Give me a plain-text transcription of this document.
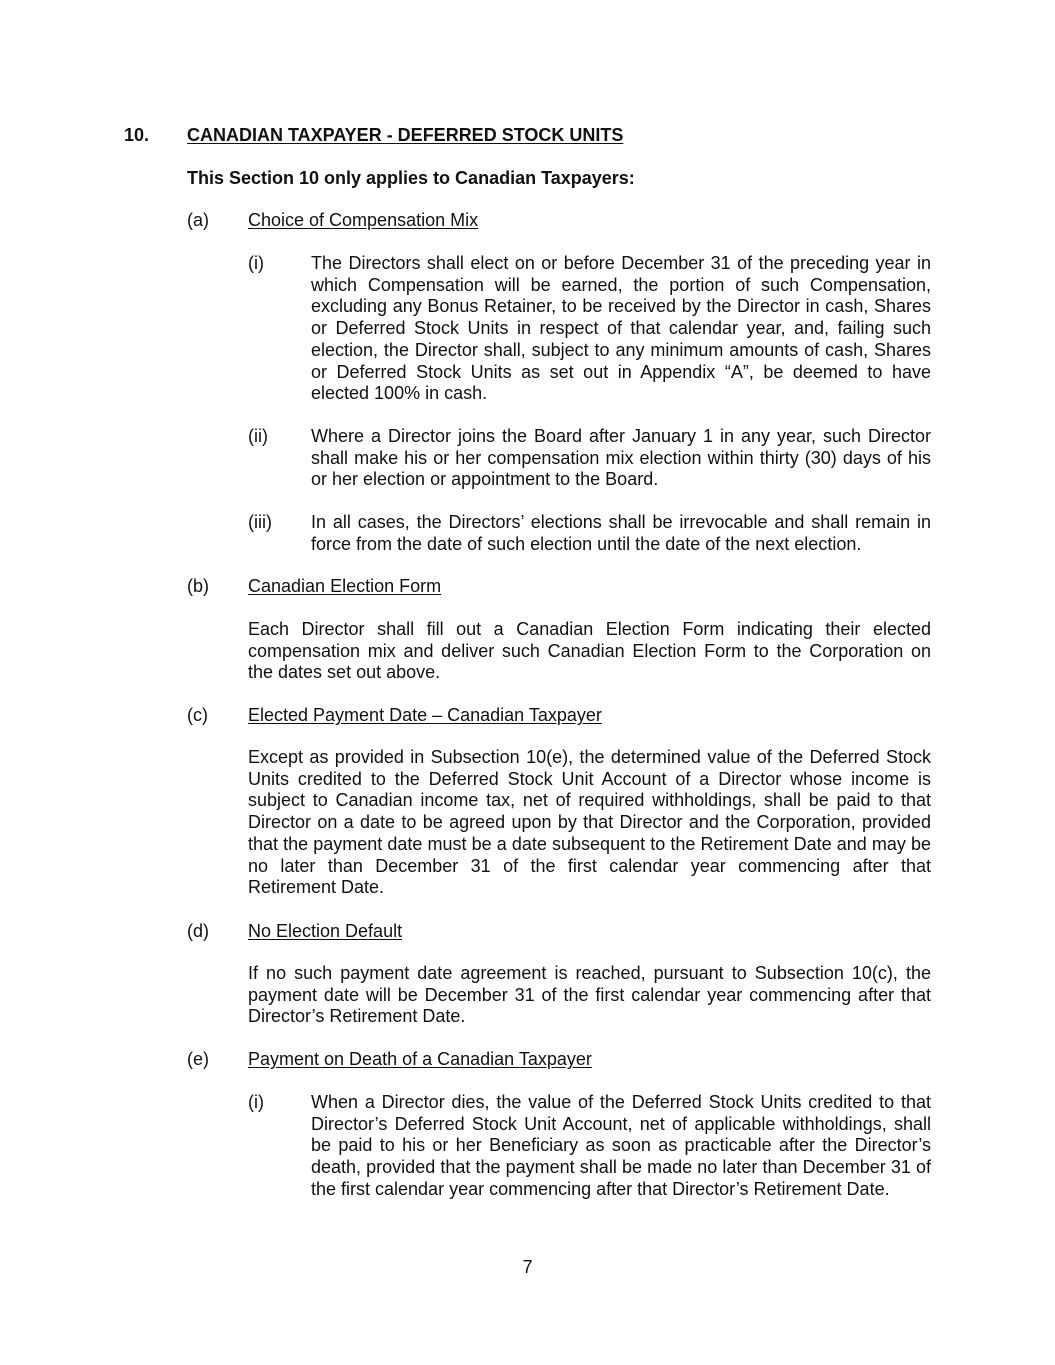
10. CANADIAN TAXPAYER - DEFERRED STOCK UNITS
This Section 10 only applies to Canadian Taxpayers:
(a) Choice of Compensation Mix
(i)	The Directors shall elect on or before December 31 of the preceding year in which Compensation will be earned, the portion of such Compensation, excluding any Bonus Retainer, to be received by the Director in cash, Shares or Deferred Stock Units in respect of that calendar year, and, failing such election, the Director shall, subject to any minimum amounts of cash, Shares or Deferred Stock Units as set out in Appendix “A”, be deemed to have elected 100% in cash.
(ii) Where a Director joins the Board after January 1 in any year, such Director shall make his or her compensation mix election within thirty (30) days of his or her election or appointment to the Board.
(iii) In all cases, the Directors’ elections shall be irrevocable and shall remain in force from the date of such election until the date of the next election.
(b) Canadian Election Form
Each Director shall fill out a Canadian Election Form indicating their elected compensation mix and deliver such Canadian Election Form to the Corporation on the dates set out above.
(c) Elected Payment Date – Canadian Taxpayer
Except as provided in Subsection 10(e), the determined value of the Deferred Stock Units credited to the Deferred Stock Unit Account of a Director whose income is subject to Canadian income tax, net of required withholdings, shall be paid to that Director on a date to be agreed upon by that Director and the Corporation, provided that the payment date must be a date subsequent to the Retirement Date and may be no later than December 31 of the first calendar year commencing after that Retirement Date.
(d) No Election Default
If no such payment date agreement is reached, pursuant to Subsection 10(c), the payment date will be December 31 of the first calendar year commencing after that Director’s Retirement Date.
(e) Payment on Death of a Canadian Taxpayer
(i)	When a Director dies, the value of the Deferred Stock Units credited to that Director’s Deferred Stock Unit Account, net of applicable withholdings, shall be paid to his or her Beneficiary as soon as practicable after the Director’s death, provided that the payment shall be made no later than December 31 of the first calendar year commencing after that Director’s Retirement Date.
7
